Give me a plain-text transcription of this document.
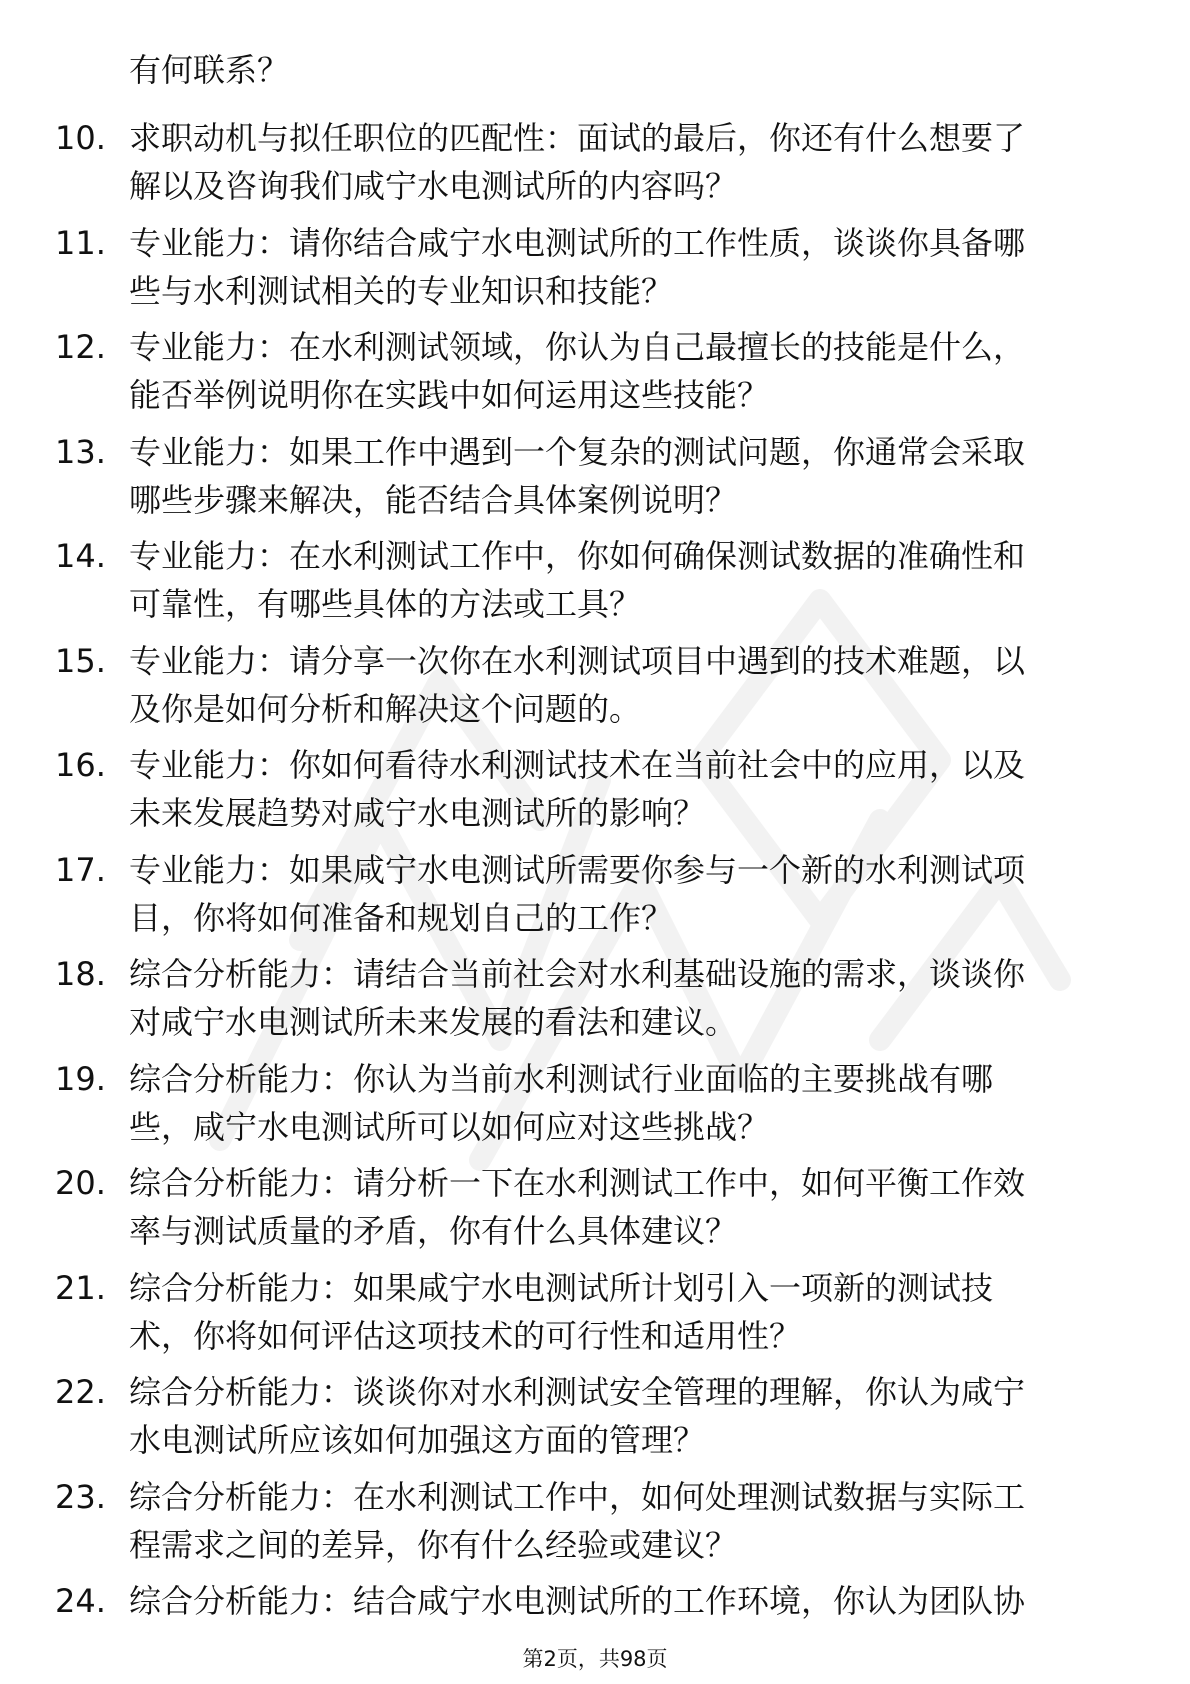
有何联系？
10. 求职动机与拟任职位的匹配性：面试的最后，你还有什么想要了
解以及咨询我们咸宁水电测试所的内容吗？
11. 专业能力：请你结合咸宁水电测试所的工作性质，谈谈你具备哪
些与水利测试相关的专业知识和技能？
12. 专业能力：在水利测试领域，你认为自己最擅长的技能是什么，
能否举例说明你在实践中如何运用这些技能？
13. 专业能力：如果工作中遇到一个复杂的测试问题，你通常会采取
哪些步骤来解决，能否结合具体案例说明？
14. 专业能力：在水利测试工作中，你如何确保测试数据的准确性和
可靠性，有哪些具体的方法或工具？
15. 专业能力：请分享一次你在水利测试项目中遇到的技术难题，以
及你是如何分析和解决这个问题的。
16. 专业能力：你如何看待水利测试技术在当前社会中的应用，以及
未来发展趋势对咸宁水电测试所的影响？
17. 专业能力：如果咸宁水电测试所需要你参与一个新的水利测试项
目，你将如何准备和规划自己的工作？
18. 综合分析能力：请结合当前社会对水利基础设施的需求，谈谈你
对咸宁水电测试所未来发展的看法和建议。
19. 综合分析能力：你认为当前水利测试行业面临的主要挑战有哪
些，咸宁水电测试所可以如何应对这些挑战？
20. 综合分析能力：请分析一下在水利测试工作中，如何平衡工作效
率与测试质量的矛盾，你有什么具体建议？
21. 综合分析能力：如果咸宁水电测试所计划引入一项新的测试技
术，你将如何评估这项技术的可行性和适用性？
22. 综合分析能力：谈谈你对水利测试安全管理的理解，你认为咸宁
水电测试所应该如何加强这方面的管理？
23. 综合分析能力：在水利测试工作中，如何处理测试数据与实际工
程需求之间的差异，你有什么经验或建议？
24. 综合分析能力：结合咸宁水电测试所的工作环境，你认为团队协
第2页，共98页
